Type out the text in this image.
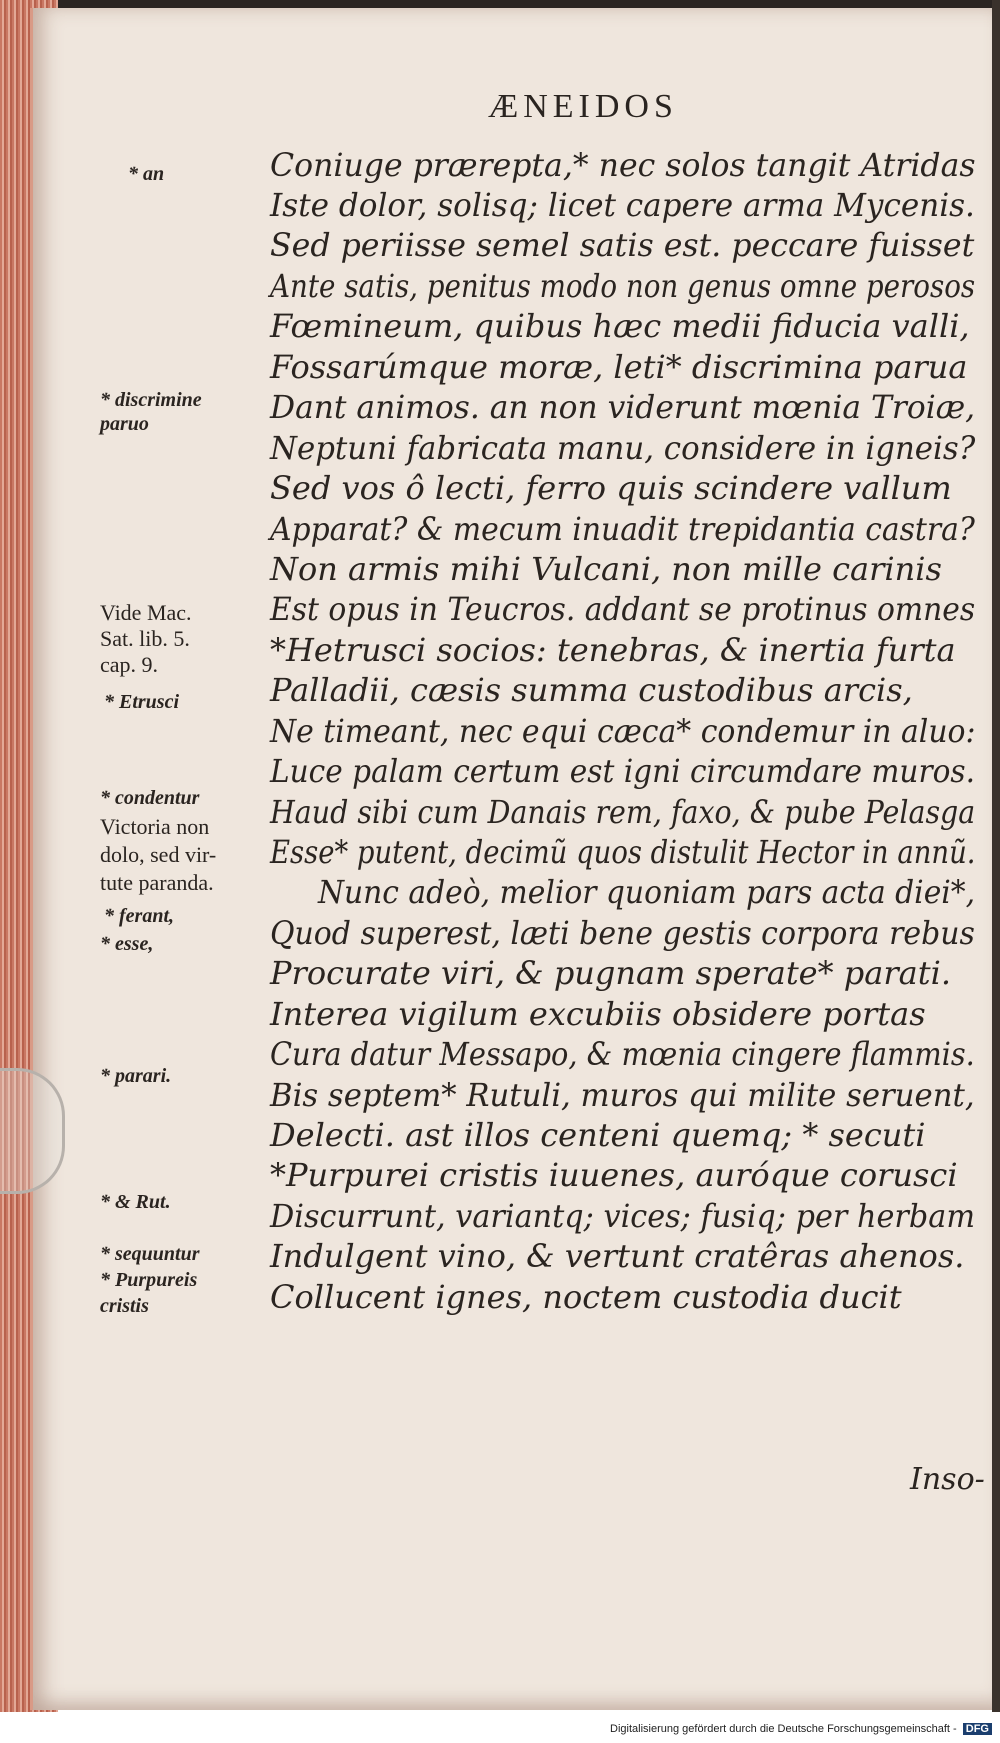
ÆNEIDOS
Coniuge prærepta,* nec solos tangit Atridas
Iste dolor, solisq; licet capere arma Mycenis.
Sed periisse semel satis est. peccare fuisset
Ante satis, penitus modo non genus omne perosos
Fœmineum, quibus hæc medii fiducia valli,
Fossarúmque moræ, leti* discrimina parua
Dant animos. an non viderunt mœnia Troiæ,
Neptuni fabricata manu, considere in igneis?
Sed vos ô lecti, ferro quis scindere vallum
Apparat? & mecum inuadit trepidantia castra?
Non armis mihi Vulcani, non mille carinis
Est opus in Teucros. addant se protinus omnes
*Hetrusci socios: tenebras, & inertia furta
Palladii, cæsis summa custodibus arcis,
Ne timeant, nec equi cæca* condemur in aluo:
Luce palam certum est igni circumdare muros.
Haud sibi cum Danais rem, faxo, & pube Pelasga
Esse* putent, decimũ quos distulit Hector in annũ.
Nunc adeò, melior quoniam pars acta diei*,
Quod superest, læti bene gestis corpora rebus
Procurate viri, & pugnam sperate* parati.
Interea vigilum excubiis obsidere portas
Cura datur Messapo, & mœnia cingere flammis.
Bis septem* Rutuli, muros qui milite seruent,
Delecti. ast illos centeni quemq; * secuti
*Purpurei cristis iuuenes, auróque corusci
Discurrunt, variantq; vices; fusiq; per herbam
Indulgent vino, & vertunt cratêras ahenos.
Collucent ignes, noctem custodia ducit
* an
* discrimine
paruo
Vide Mac.
Sat. lib. 5.
cap. 9.
* Etrusci
* condentur
Victoria non
dolo, sed vir-
tute paranda.
* ferant,
* esse,
* parari.
* & Rut.
* sequuntur
* Purpureis
cristis
Inso-
Digitalisierung gefördert durch die Deutsche Forschungsgemeinschaft - DFG
